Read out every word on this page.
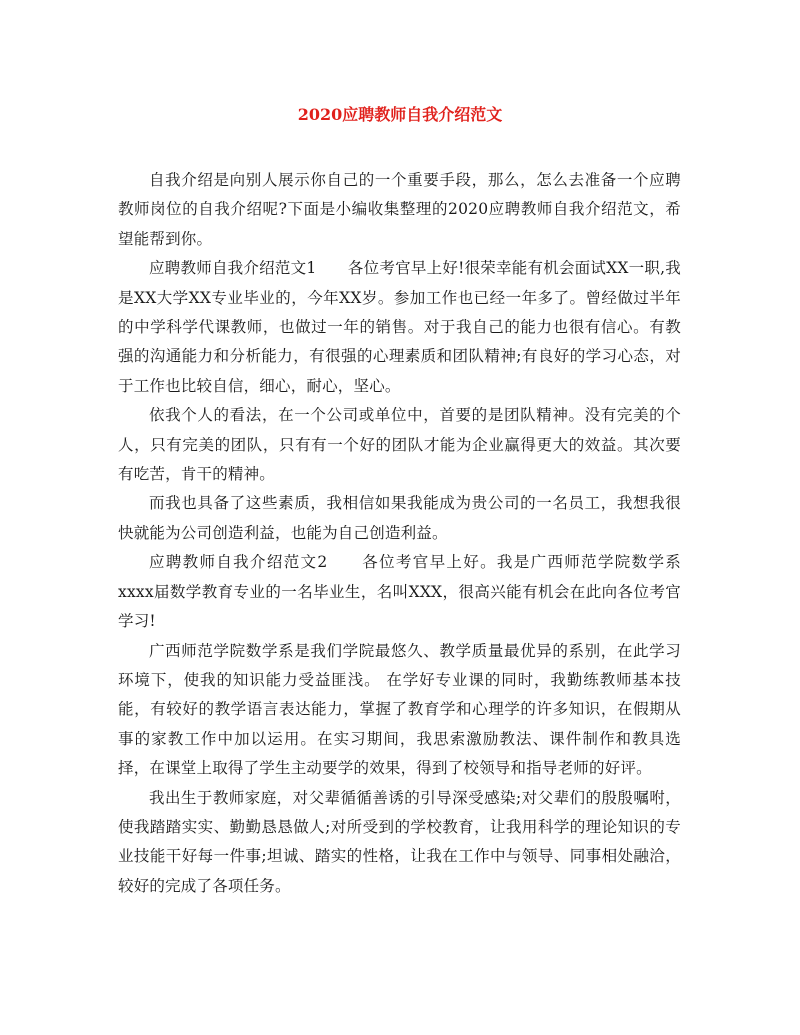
2020应聘教师自我介绍范文

自我介绍是向别人展示你自己的一个重要手段，那么，怎么去准备一个应聘教师岗位的自我介绍呢?下面是小编收集整理的2020应聘教师自我介绍范文，希望能帮到你。

应聘教师自我介绍范文1　　各位考官早上好!很荣幸能有机会面试XX一职,我是XX大学XX专业毕业的，今年XX岁。参加工作也已经一年多了。曾经做过半年的中学科学代课教师，也做过一年的销售。对于我自己的能力也很有信心。有教强的沟通能力和分析能力，有很强的心理素质和团队精神;有良好的学习心态，对于工作也比较自信，细心，耐心，坚心。

依我个人的看法，在一个公司或单位中，首要的是团队精神。没有完美的个人，只有完美的团队，只有有一个好的团队才能为企业赢得更大的效益。其次要有吃苦，肯干的精神。

而我也具备了这些素质，我相信如果我能成为贵公司的一名员工，我想我很快就能为公司创造利益，也能为自己创造利益。

应聘教师自我介绍范文2　　各位考官早上好。我是广西师范学院数学系xxxx届数学教育专业的一名毕业生，名叫XXX，很高兴能有机会在此向各位考官学习!

广西师范学院数学系是我们学院最悠久、教学质量最优异的系别，在此学习环境下，使我的知识能力受益匪浅。 在学好专业课的同时，我勤练教师基本技能，有较好的教学语言表达能力，掌握了教育学和心理学的许多知识，在假期从事的家教工作中加以运用。在实习期间，我思索激励教法、课件制作和教具选择，在课堂上取得了学生主动要学的效果，得到了校领导和指导老师的好评。

我出生于教师家庭，对父辈循循善诱的引导深受感染;对父辈们的殷殷嘱咐，使我踏踏实实、勤勤恳恳做人;对所受到的学校教育，让我用科学的理论知识的专业技能干好每一件事;坦诚、踏实的性格，让我在工作中与领导、同事相处融洽，较好的完成了各项任务。
